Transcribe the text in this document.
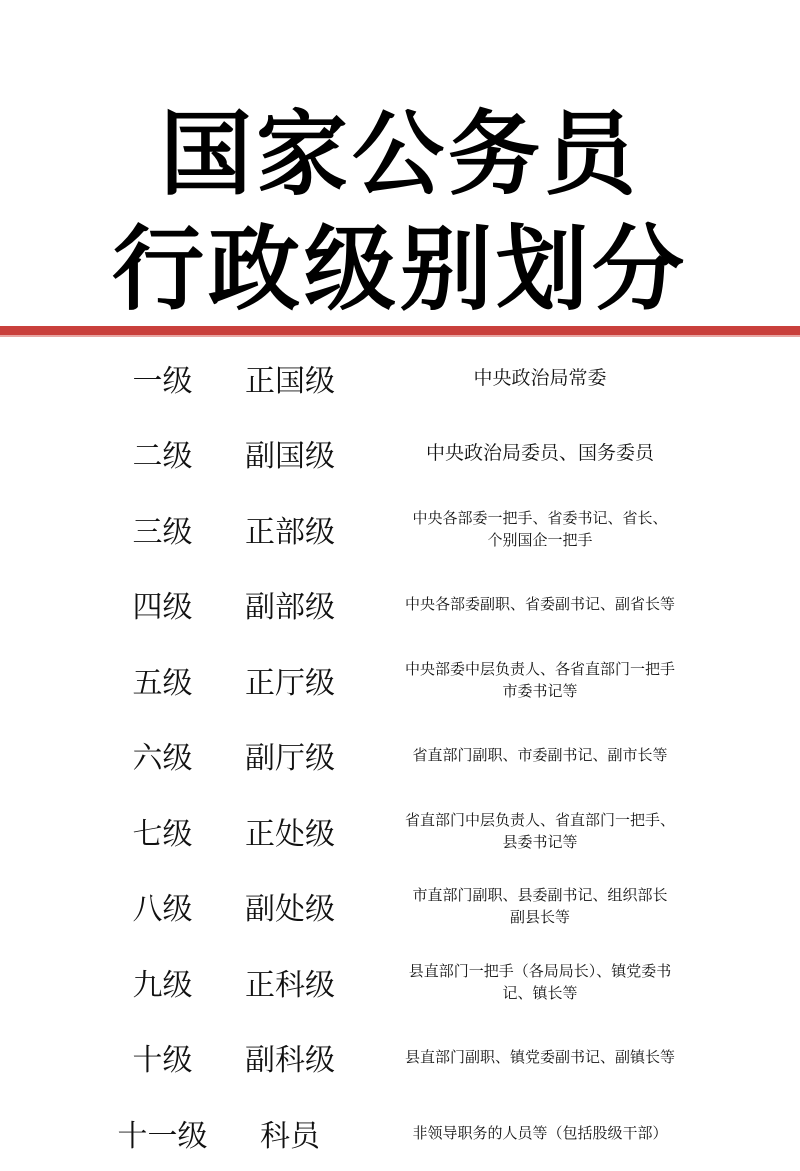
国家公务员
行政级别划分
一级	正国级	中央政治局常委
二级	副国级	中央政治局委员、国务委员
三级	正部级	中央各部委一把手、省委书记、省长、
个别国企一把手
四级	副部级	中央各部委副职、省委副书记、副省长等
五级	正厅级	中央部委中层负责人、各省直部门一把手
市委书记等
六级	副厅级	省直部门副职、市委副书记、副市长等
七级	正处级	省直部门中层负责人、省直部门一把手、
县委书记等
八级	副处级	市直部门副职、县委副书记、组织部长
副县长等
九级	正科级	县直部门一把手（各局局长）、镇党委书
记、镇长等
十级	副科级	县直部门副职、镇党委副书记、副镇长等
十一级	科员	非领导职务的人员等（包括股级干部）
